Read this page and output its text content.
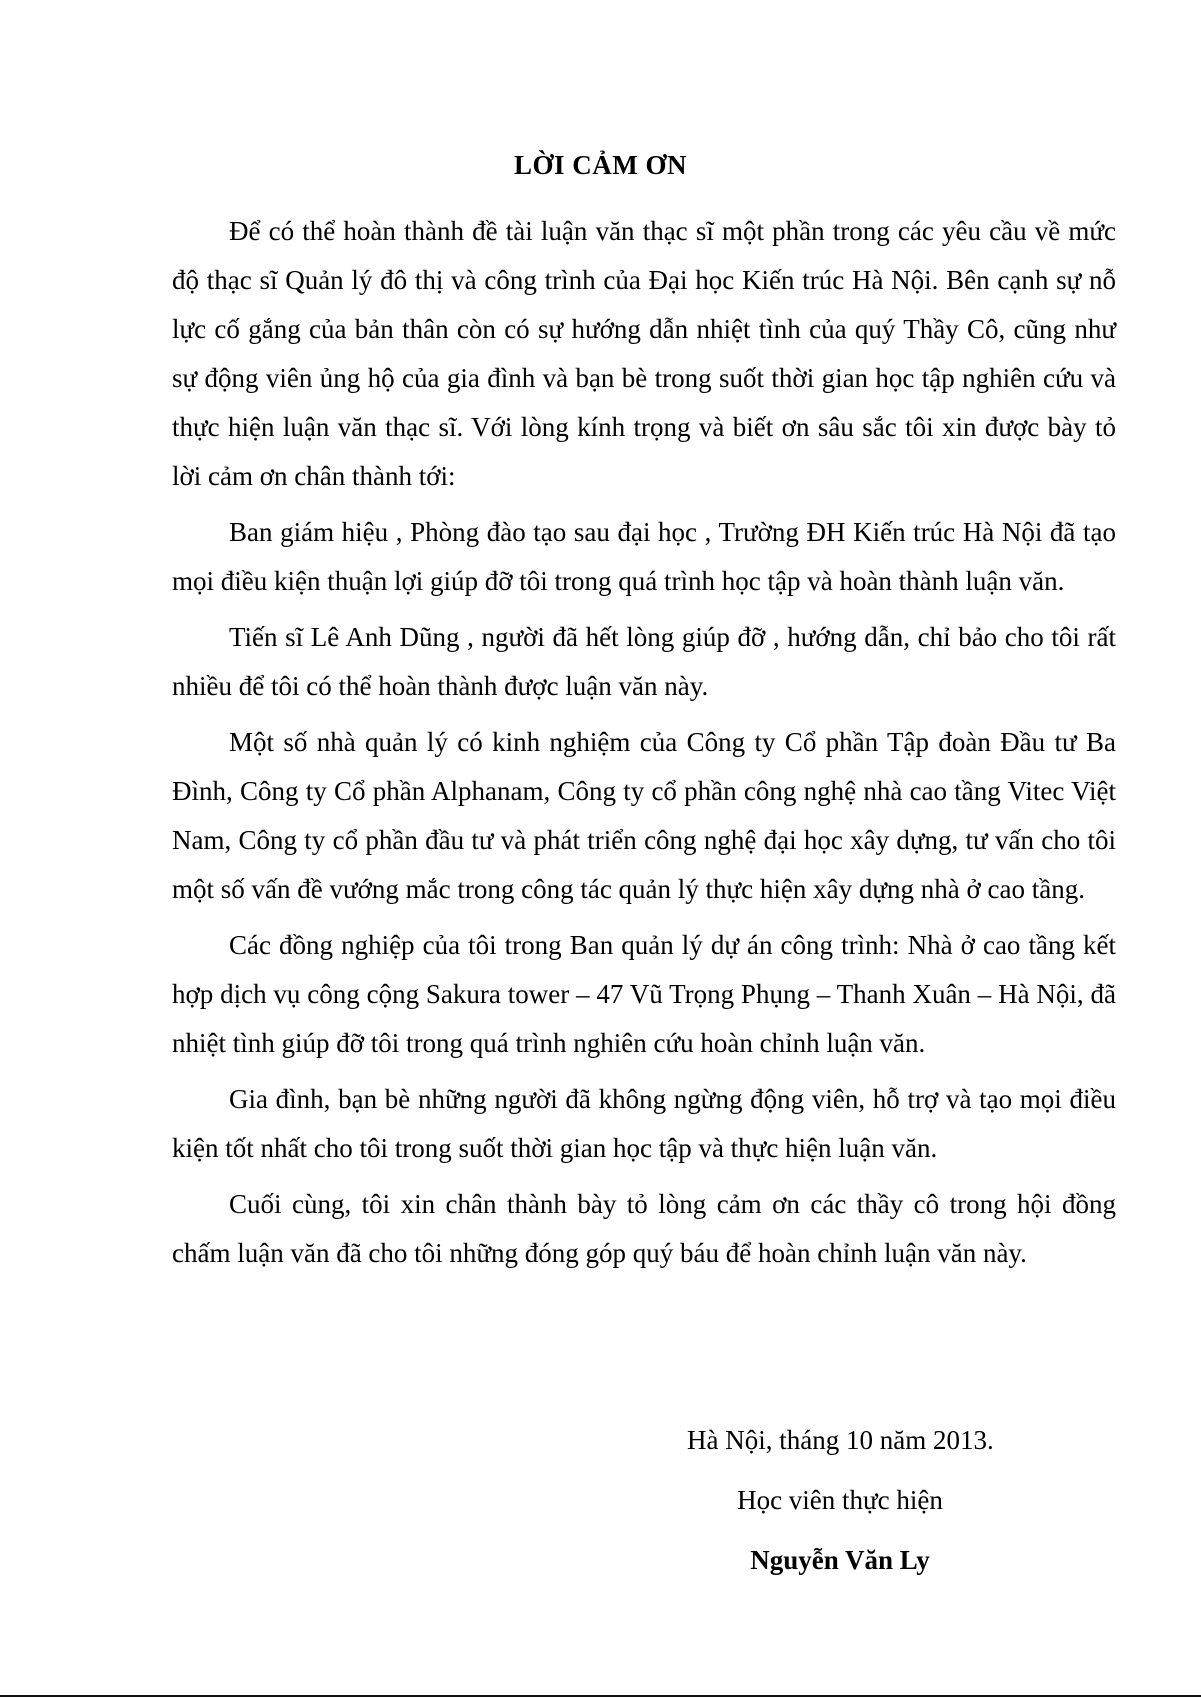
LỜI CẢM ƠN

Để có thể hoàn thành đề tài luận văn thạc sĩ một phần trong các yêu cầu về mức độ thạc sĩ Quản lý đô thị và công trình của Đại học Kiến trúc Hà Nội. Bên cạnh sự nỗ lực cố gắng của bản thân còn có sự hướng dẫn nhiệt tình của quý Thầy Cô, cũng như sự động viên ủng hộ của gia đình và bạn bè trong suốt thời gian học tập nghiên cứu và thực hiện luận văn thạc sĩ. Với lòng kính trọng và biết ơn sâu sắc tôi xin được bày tỏ lời cảm ơn chân thành tới:

Ban giám hiệu , Phòng đào tạo sau đại học , Trường ĐH Kiến trúc Hà Nội đã tạo mọi điều kiện thuận lợi giúp đỡ tôi trong quá trình học tập và hoàn thành luận văn.

Tiến sĩ Lê Anh Dũng , người đã hết lòng giúp đỡ , hướng dẫn, chỉ bảo cho tôi rất nhiều để tôi có thể hoàn thành được luận văn này.

Một số nhà quản lý có kinh nghiệm của Công ty Cổ phần Tập đoàn Đầu tư Ba Đình, Công ty Cổ phần Alphanam, Công ty cổ phần công nghệ nhà cao tầng Vitec Việt Nam, Công ty cổ phần đầu tư và phát triển công nghệ đại học xây dựng, tư vấn cho tôi một số vấn đề vướng mắc trong công tác quản lý thực hiện xây dựng nhà ở cao tầng.

Các đồng nghiệp của tôi trong Ban quản lý dự án công trình: Nhà ở cao tầng kết hợp dịch vụ công cộng Sakura tower – 47 Vũ Trọng Phụng – Thanh Xuân – Hà Nội, đã nhiệt tình giúp đỡ tôi trong quá trình nghiên cứu hoàn chỉnh luận văn.

Gia đình, bạn bè những người đã không ngừng động viên, hỗ trợ và tạo mọi điều kiện tốt nhất cho tôi trong suốt thời gian học tập và thực hiện luận văn.

Cuối cùng, tôi xin chân thành bày tỏ lòng cảm ơn các thầy cô trong hội đồng chấm luận văn đã cho tôi những đóng góp quý báu để hoàn chỉnh luận văn này.

Hà Nội, tháng 10 năm 2013.
Học viên thực hiện
Nguyễn Văn Ly
